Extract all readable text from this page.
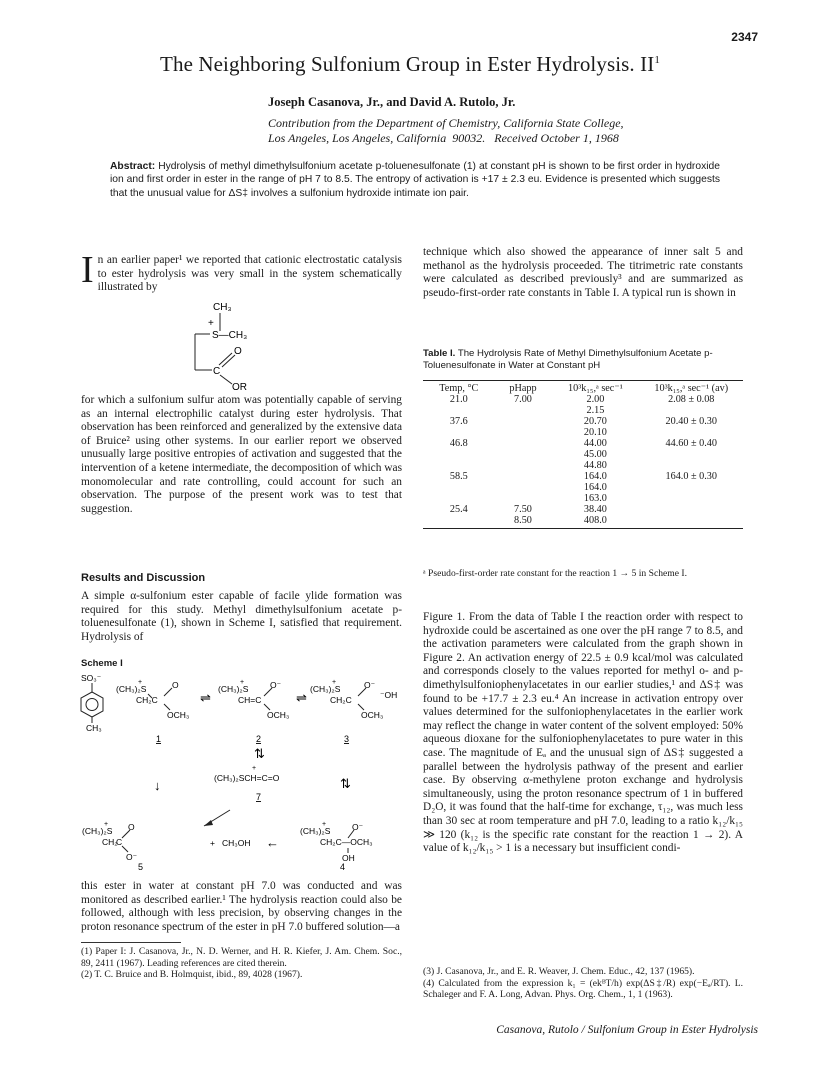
2347
The Neighboring Sulfonium Group in Ester Hydrolysis. $II^1$
Joseph Casanova, Jr., and David A. Rutolo, Jr.
Contribution from the Department of Chemistry, California State College,
Los Angeles, Los Angeles, California  90032.   Received October 1, 1968
Abstract: Hydrolysis of methyl dimethylsulfonium acetate p-toluenesulfonate (1) at constant pH is shown to be first order in hydroxide ion and first order in ester in the range of pH 7 to 8.5. The entropy of activation is +17 ± 2.3 eu. Evidence is presented which suggests that the unusual value for ΔS‡ involves a sulfonium hydroxide intimate ion pair.
In an earlier paper¹ we reported that cationic electrostatic catalysis to ester hydrolysis was very small in the system schematically illustrated by
CH₃
+
S—CH₃
C
O
OR
for which a sulfonium sulfur atom was potentially capable of serving as an internal electrophilic catalyst during ester hydrolysis. That observation has been reinforced and generalized by the extensive data of Bruice² using other systems. In our earlier report we observed unusually large positive entropies of activation and suggested that the intervention of a ketene intermediate, the decomposition of which was monomolecular and rate controlling, could account for such an observation. The purpose of the present work was to test that suggestion.
Results and Discussion
A simple α-sulfonium ester capable of facile ylide formation was required for this study. Methyl dimethylsulfonium acetate p-toluenesulfonate (1), shown in Scheme I, satisfied that requirement. Hydrolysis of
Scheme I
SO₃⁻
CH₃
(CH₃)₂S
+
CH₂C
O
OCH₃
⇌
(CH₃)₂S
+
CH=C
O⁻
OCH₃
⇌
(CH₃)₂S
+
CH₂C
O⁻
OCH₃
⁻OH
1	2	3
↓
⇅
⇅
+
(CH₃)₂SCH=C=O
7
(CH₃)₂S
+
CH₂
C
O
O⁻
+ CH₃OH ←
(CH₃)₂S
+
CH₂C—OCH₃
O⁻
OH
5	4
this ester in water at constant pH 7.0 was conducted and was monitored as described earlier.¹ The hydrolysis reaction could also be followed, although with less precision, by observing changes in the proton resonance spectrum of the ester in pH 7.0 buffered solution—a
(1) Paper I: J. Casanova, Jr., N. D. Werner, and H. R. Kiefer, J. Am. Chem. Soc., 89, 2411 (1967). Leading references are cited therein.
(2) T. C. Bruice and B. Holmquist, ibid., 89, 4028 (1967).
technique which also showed the appearance of inner salt 5 and methanol as the hydrolysis proceeded. The titrimetric rate constants were calculated as described previously³ and are summarized as pseudo-first-order rate constants in Table I. A typical run is shown in
Table I. The Hydrolysis Rate of Methyl Dimethylsulfonium Acetate p-Toluenesulfonate in Water at Constant pH
Temp, °C	pHapp	10³k₁₅,ᵃ sec⁻¹	10³k₁₅,ᵃ sec⁻¹ (av)
21.0	7.00	2.00	2.08 ± 0.08
		2.15	
37.6		20.70	20.40 ± 0.30
		20.10	
46.8		44.00	44.60 ± 0.40
		45.00	
		44.80	
58.5		164.0	164.0 ± 0.30
		164.0	
		163.0	
25.4	7.50	38.40	
	8.50	408.0	
ᵃ Pseudo-first-order rate constant for the reaction 1 → 5 in Scheme I.
Figure 1. From the data of Table I the reaction order with respect to hydroxide could be ascertained as one over the pH range 7 to 8.5, and the activation parameters were calculated from the graph shown in Figure 2. An activation energy of 22.5 ± 0.9 kcal/mol was calculated and corresponds closely to the values reported for methyl o- and p-dimethylsulfoniophenylacetates in our earlier studies,¹ and ΔS‡ was found to be +17.7 ± 2.3 eu.⁴ An increase in activation entropy over values determined for the sulfoniophenylacetates in the earlier work may reflect the change in water content of the solvent employed: 50% aqueous dioxane for the sulfoniophenylacetates to pure water in this case. The magnitude of Eₐ and the unusual sign of ΔS‡ suggested a parallel between the hydrolysis pathway of the present and earlier case. By observing α-methylene proton exchange and hydrolysis simultaneously, using the proton resonance spectrum of 1 in buffered D₂O, it was found that the half-time for exchange, τ₁₂, was much less than 30 sec at room temperature and pH 7.0, leading to a ratio k₁₂/k₁₅ ≫ 120 (k₁₂ is the specific rate constant for the reaction 1 → 2). A value of k₁₂/k₁₅ > 1 is a necessary but insufficient condi-
(3) J. Casanova, Jr., and E. R. Weaver, J. Chem. Educ., 42, 137 (1965).
(4) Calculated from the expression k₁ = (ekᴮT/h) exp(ΔS‡/R) exp(−Eₐ/RT). L. Schaleger and F. A. Long, Advan. Phys. Org. Chem., 1, 1 (1963).
Casanova, Rutolo / Sulfonium Group in Ester Hydrolysis
